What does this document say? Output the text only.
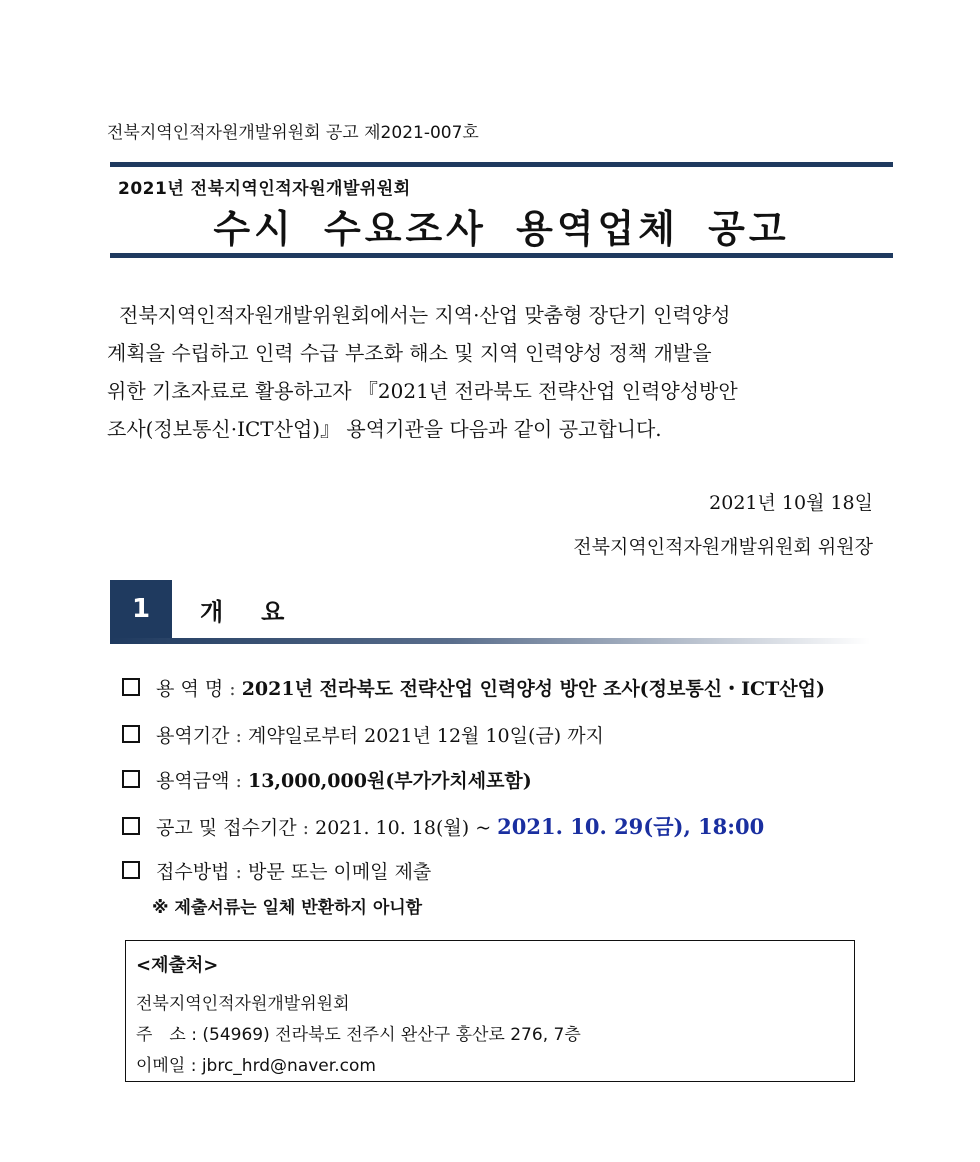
전북지역인적자원개발위원회 공고 제2021-007호
2021년 전북지역인적자원개발위원회
수시 수요조사 용역업체 공고

전북지역인적자원개발위원회에서는 지역·산업 맞춤형 장단기 인력양성

계획을 수립하고 인력 수급 부조화 해소 및 지역 인력양성 정책 개발을

위한 기초자료로 활용하고자 『2021년 전라북도 전략산업 인력양성방안

조사(정보통신·ICT산업)』 용역기관을 다음과 같이 공고합니다.

2021년 10월 18일
전북지역인적자원개발위원회 위원장
1	개요
용 역 명 : 2021년 전라북도 전략산업 인력양성 방안 조사(정보통신・ICT산업)
용역기간 : 계약일로부터 2021년 12월 10일(금) 까지
용역금액 : 13,000,000원(부가가치세포함)
공고 및 접수기간 : 2021. 10. 18(월) ~ 2021. 10. 29(금), 18:00
접수방법 : 방문 또는 이메일 제출
※ 제출서류는 일체 반환하지 아니함
<제출처>
전북지역인적자원개발위원회
주　소 : (54969) 전라북도 전주시 완산구 홍산로 276, 7층
이메일 : jbrc_hrd@naver.com
